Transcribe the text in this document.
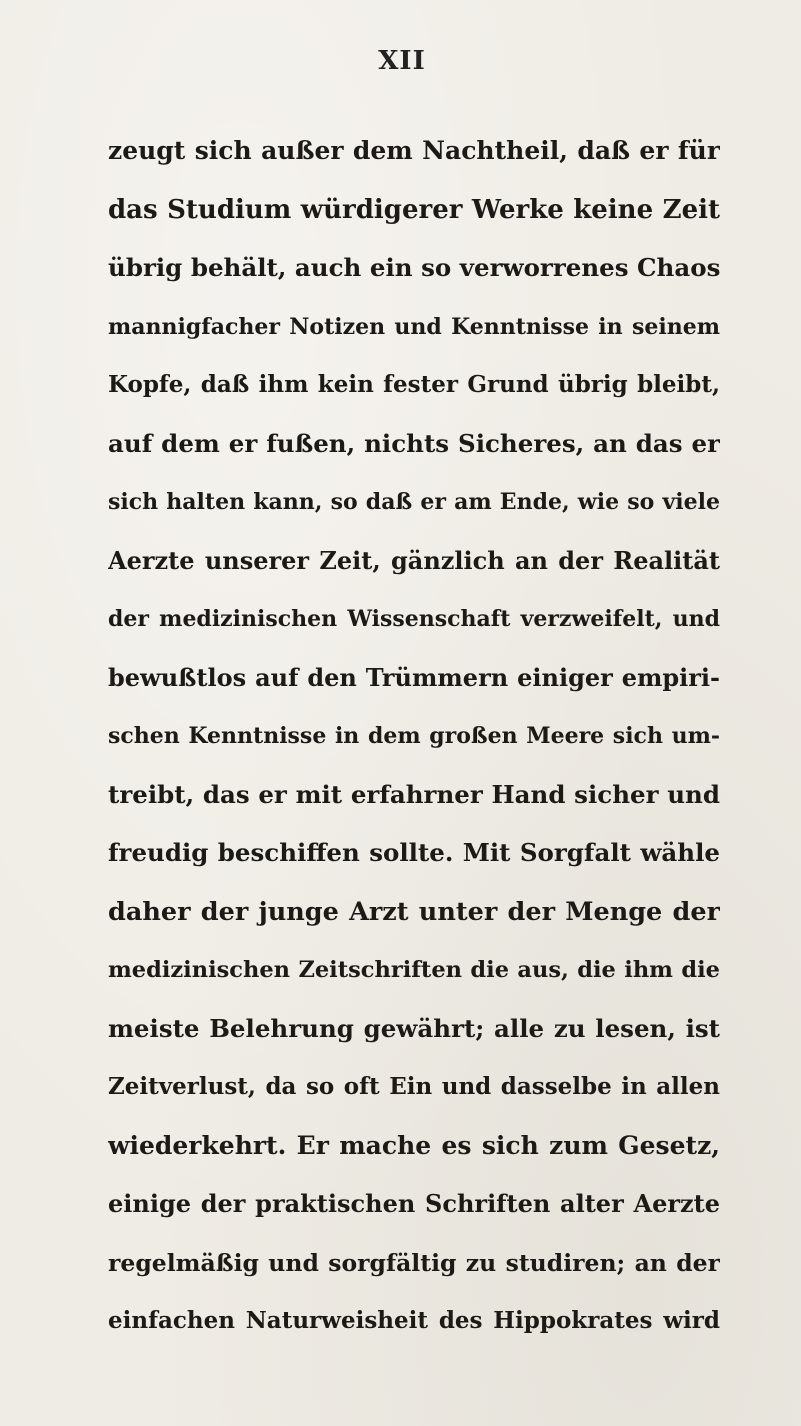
XII
zeugt sich außer dem Nachtheil, daß er für
das Studium würdigerer Werke keine Zeit
übrig behält, auch ein so verworrenes Chaos
mannigfacher Notizen und Kenntnisse in seinem
Kopfe, daß ihm kein fester Grund übrig bleibt,
auf dem er fußen, nichts Sicheres, an das er
sich halten kann, so daß er am Ende, wie so viele
Aerzte unserer Zeit, gänzlich an der Realität
der medizinischen Wissenschaft verzweifelt, und
bewußtlos auf den Trümmern einiger empiri-
schen Kenntnisse in dem großen Meere sich um-
treibt, das er mit erfahrner Hand sicher und
freudig beschiffen sollte. Mit Sorgfalt wähle
daher der junge Arzt unter der Menge der
medizinischen Zeitschriften die aus, die ihm die
meiste Belehrung gewährt; alle zu lesen, ist
Zeitverlust, da so oft Ein und dasselbe in allen
wiederkehrt. Er mache es sich zum Gesetz,
einige der praktischen Schriften alter Aerzte
regelmäßig und sorgfältig zu studiren; an der
einfachen Naturweisheit des Hippokrates wird
